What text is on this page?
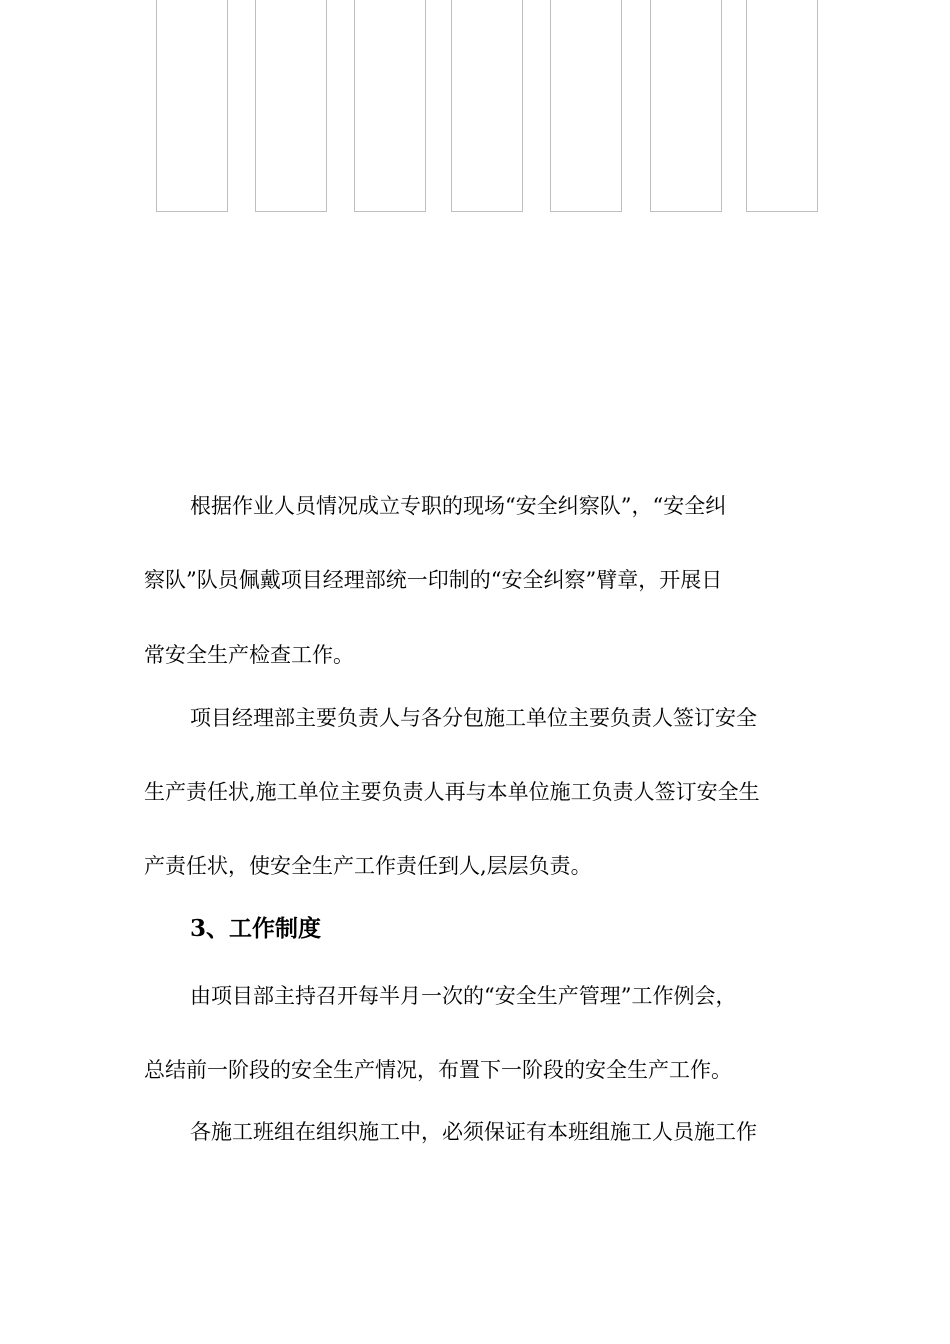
根据作业人员情况成立专职的现场“安全纠察队”，“安全纠
察队”队员佩戴项目经理部统一印制的“安全纠察”臂章，开展日
常安全生产检查工作。
项目经理部主要负责人与各分包施工单位主要负责人签订安全
生产责任状,施工单位主要负责人再与本单位施工负责人签订安全生
产责任状，使安全生产工作责任到人,层层负责。
3、工作制度
由项目部主持召开每半月一次的“安全生产管理”工作例会，
总结前一阶段的安全生产情况，布置下一阶段的安全生产工作。
各施工班组在组织施工中，必须保证有本班组施工人员施工作
